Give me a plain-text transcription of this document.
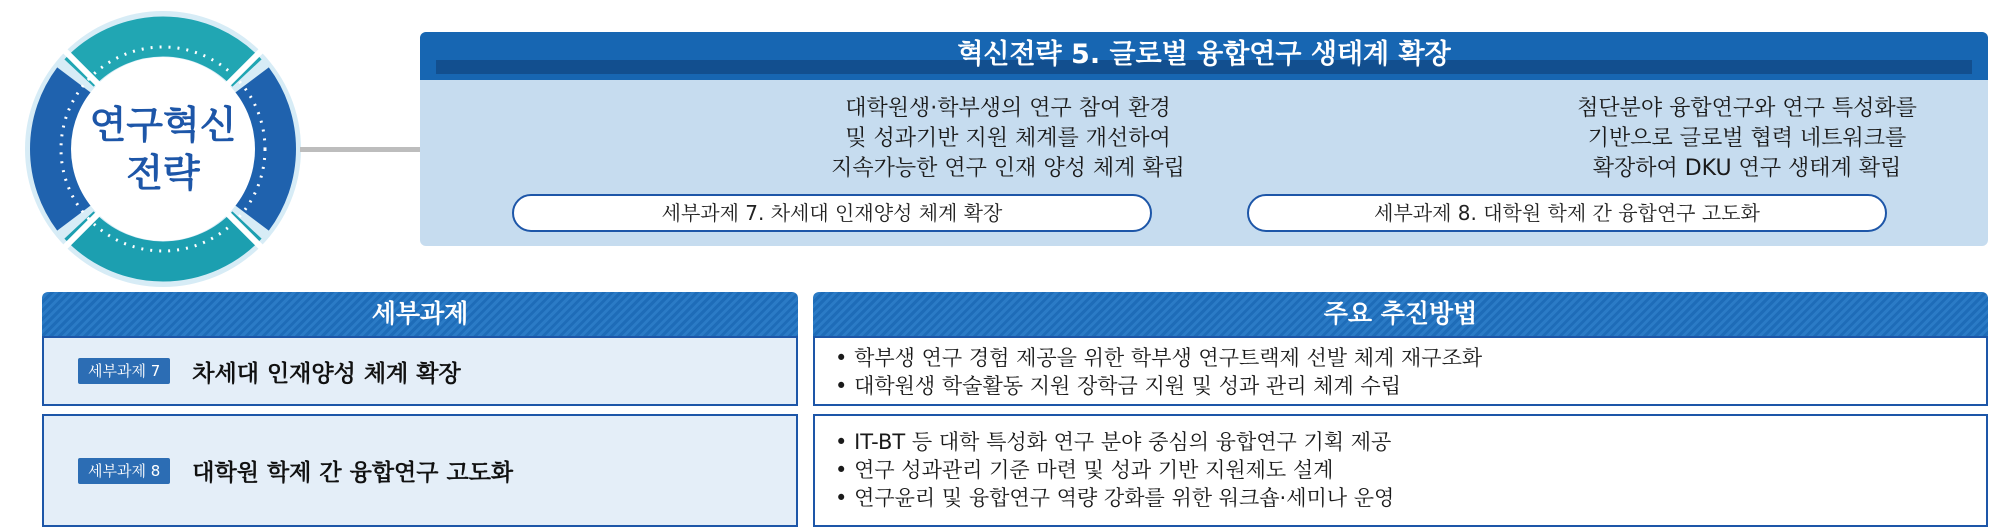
연구혁신
전략
혁신전략 5. 글로벌 융합연구 생태계 확장
대학원생·학부생의 연구 참여 환경
및 성과기반 지원 체계를 개선하여
지속가능한 연구 인재 양성 체계 확립
첨단분야 융합연구와 연구 특성화를
기반으로 글로벌 협력 네트워크를
확장하여 DKU 연구 생태계 확립
세부과제 7. 차세대 인재양성 체계 확장	세부과제 8. 대학원 학제 간 융합연구 고도화
세부과제	주요 추진방법
세부과제 7	차세대 인재양성 체계 확장
• 학부생 연구 경험 제공을 위한 학부생 연구트랙제 선발 체계 재구조화
• 대학원생 학술활동 지원 장학금 지원 및 성과 관리 체계 수립
세부과제 8	대학원 학제 간 융합연구 고도화
• IT-BT 등 대학 특성화 연구 분야 중심의 융합연구 기획 제공
• 연구 성과관리 기준 마련 및 성과 기반 지원제도 설계
• 연구윤리 및 융합연구 역량 강화를 위한 워크숍·세미나 운영
